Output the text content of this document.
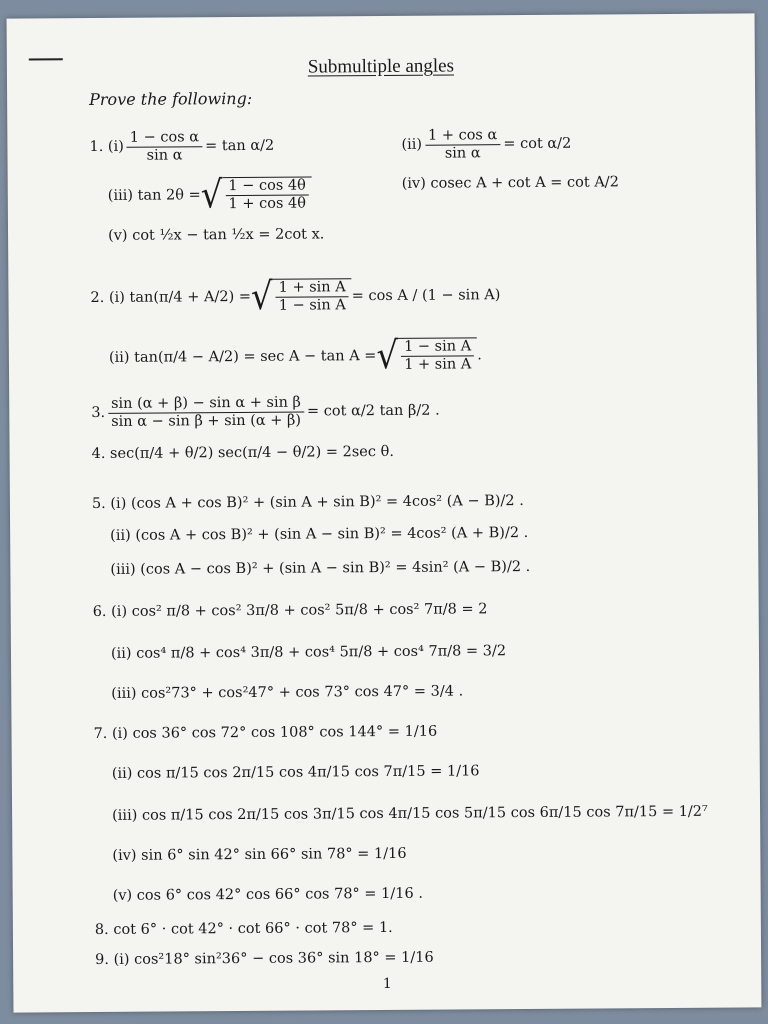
Submultiple angles
Prove the following:
1. $(i) \frac{\text{1 − cos α}}{\text{sin α}} = \tan \alpha/2$	$(ii) \frac{\text{1 + cos α}}{\text{sin α}} = \cot \alpha/2$
(iii) tan 2θ = √ $\frac{1 - \cos 4\theta}{1 + \cos 4\theta}$	(iv) cosec A + cot A = cot A/2
(v) cot ½x − tan ½x = 2cot x.
2. (i) tan(π/4 + A/2) = √ $\frac{\text{1 + sin A}}{\text{1 − sin A}} = \cos A / (1 - \sin A)$
(ii) tan(π/4 − A/2) = sec A − tan A = √ $\frac{\text{1 − sin A}}{\text{1 + sin A}}$ .
3. $\frac{\text{sin (α + β) − sin α + sin β}}{\text{sin α − sin β + sin (α + β)}} = \cot \alpha/2$ tan β/2 .
4. sec(π/4 + θ/2) sec(π/4 − θ/2) = 2sec θ.
5. (i) (cos A + cos B)² + (sin A + sin B)² = 4cos² (A − B)/2 .
(ii) (cos A + cos B)² + (sin A − sin B)² = 4cos² (A + B)/2 .
(iii) (cos A − cos B)² + (sin A − sin B)² = 4sin² (A − B)/2 .
6. (i) cos² π/8 + cos² 3π/8 + cos² 5π/8 + cos² 7π/8 = 2
(ii) cos⁴ π/8 + cos⁴ 3π/8 + cos⁴ 5π/8 + cos⁴ 7π/8 = 3/2
(iii) cos²73° + cos²47° + cos 73° cos 47° = 3/4 .
7. (i) cos 36° cos 72° cos 108° cos 144° = 1/16
(ii) cos π/15 cos 2π/15 cos 4π/15 cos 7π/15 = 1/16
(iii) cos π/15 cos 2π/15 cos 3π/15 cos 4π/15 cos 5π/15 cos 6π/15 cos 7π/15 = 1/2⁷
(iv) sin 6° sin 42° sin 66° sin 78° = 1/16
(v) cos 6° cos 42° cos 66° cos 78° = 1/16 .
8. cot 6° · cot 42° · cot 66° · cot 78° = 1.
9. (i) cos²18° sin²36° − cos 36° sin 18° = 1/16
1
